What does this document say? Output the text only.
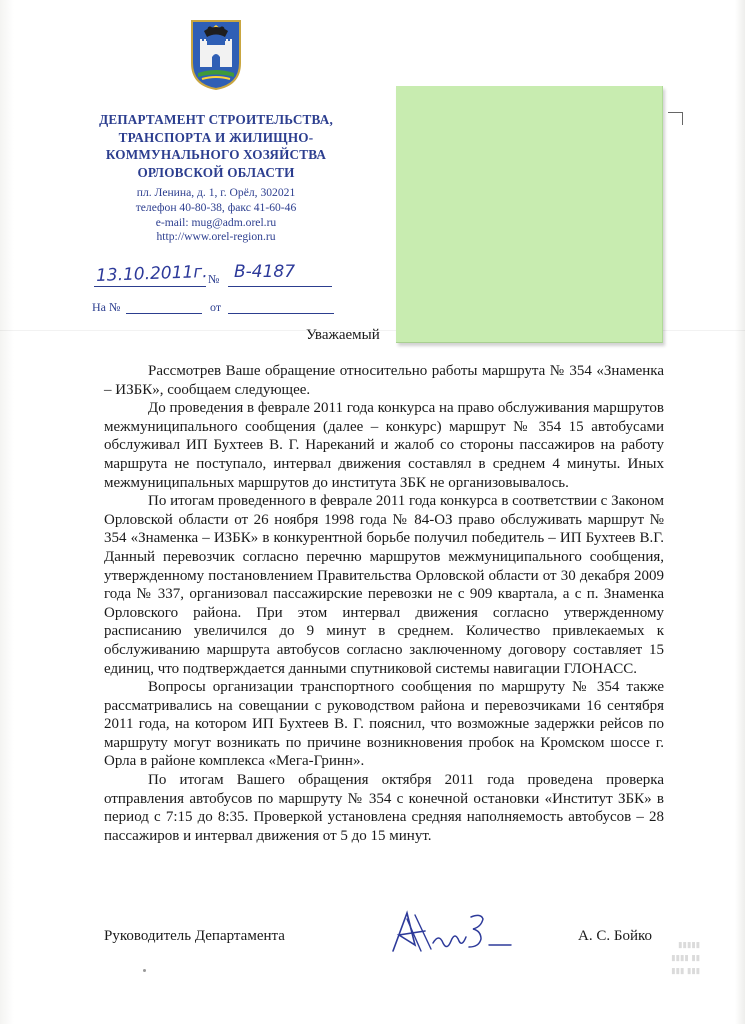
ДЕПАРТАМЕНТ СТРОИТЕЛЬСТВА,
ТРАНСПОРТА И ЖИЛИЩНО-
КОММУНАЛЬНОГО ХОЗЯЙСТВА
ОРЛОВСКОЙ ОБЛАСТИ
пл. Ленина, д. 1, г. Орёл, 302021
телефон 40-80-38, факс 41-60-46
e-mail: mug@adm.orel.ru
http://www.orel-region.ru
13.10.2011г. № В-4187
На №	от
Уважаемый
Рассмотрев Ваше обращение относительно работы маршрута № 354 «Знаменка – ИЗБК», сообщаем следующее.
До проведения в феврале 2011 года конкурса на право обслуживания маршрутов межмуниципального сообщения (далее – конкурс) маршрут № 354 15 автобусами обслуживал ИП Бухтеев В. Г. Нареканий и жалоб со стороны пассажиров на работу маршрута не поступало, интервал движения составлял в среднем 4 минуты. Иных межмуниципальных маршрутов до института ЗБК не организовывалось.
По итогам проведенного в феврале 2011 года конкурса в соответствии с Законом Орловской области от 26 ноября 1998 года № 84-ОЗ право обслуживать маршрут № 354 «Знаменка – ИЗБК» в конкурентной борьбе получил победитель – ИП Бухтеев В.Г. Данный перевозчик согласно перечню маршрутов межмуниципального сообщения, утвержденному постановлением Правительства Орловской области от 30 декабря 2009 года № 337, организовал пассажирские перевозки не с 909 квартала, а с п. Знаменка Орловского района. При этом интервал движения согласно утвержденному расписанию увеличился до 9 минут в среднем. Количество привлекаемых к обслуживанию маршрута автобусов согласно заключенному договору составляет 15 единиц, что подтверждается данными спутниковой системы навигации ГЛОНАСС.
Вопросы организации транспортного сообщения по маршруту № 354 также рассматривались на совещании с руководством района и перевозчиками 16 сентября 2011 года, на котором ИП Бухтеев В. Г. пояснил, что возможные задержки рейсов по маршруту могут возникать по причине возникновения пробок на Кромском шоссе г. Орла в районе комплекса «Мега-Гринн».
По итогам Вашего обращения октября 2011 года проведена проверка отправления автобусов по маршруту № 354 с конечной остановки «Институт ЗБК» в период с 7:15 до 8:35. Проверкой установлена средняя наполняемость автобусов – 28 пассажиров и интервал движения от 5 до 15 минут.
Руководитель Департамента	А. С. Бойко
▮▮▮ ▮▮▮
▮▮ ▮▮▮▮
▮▮▮▮▮
